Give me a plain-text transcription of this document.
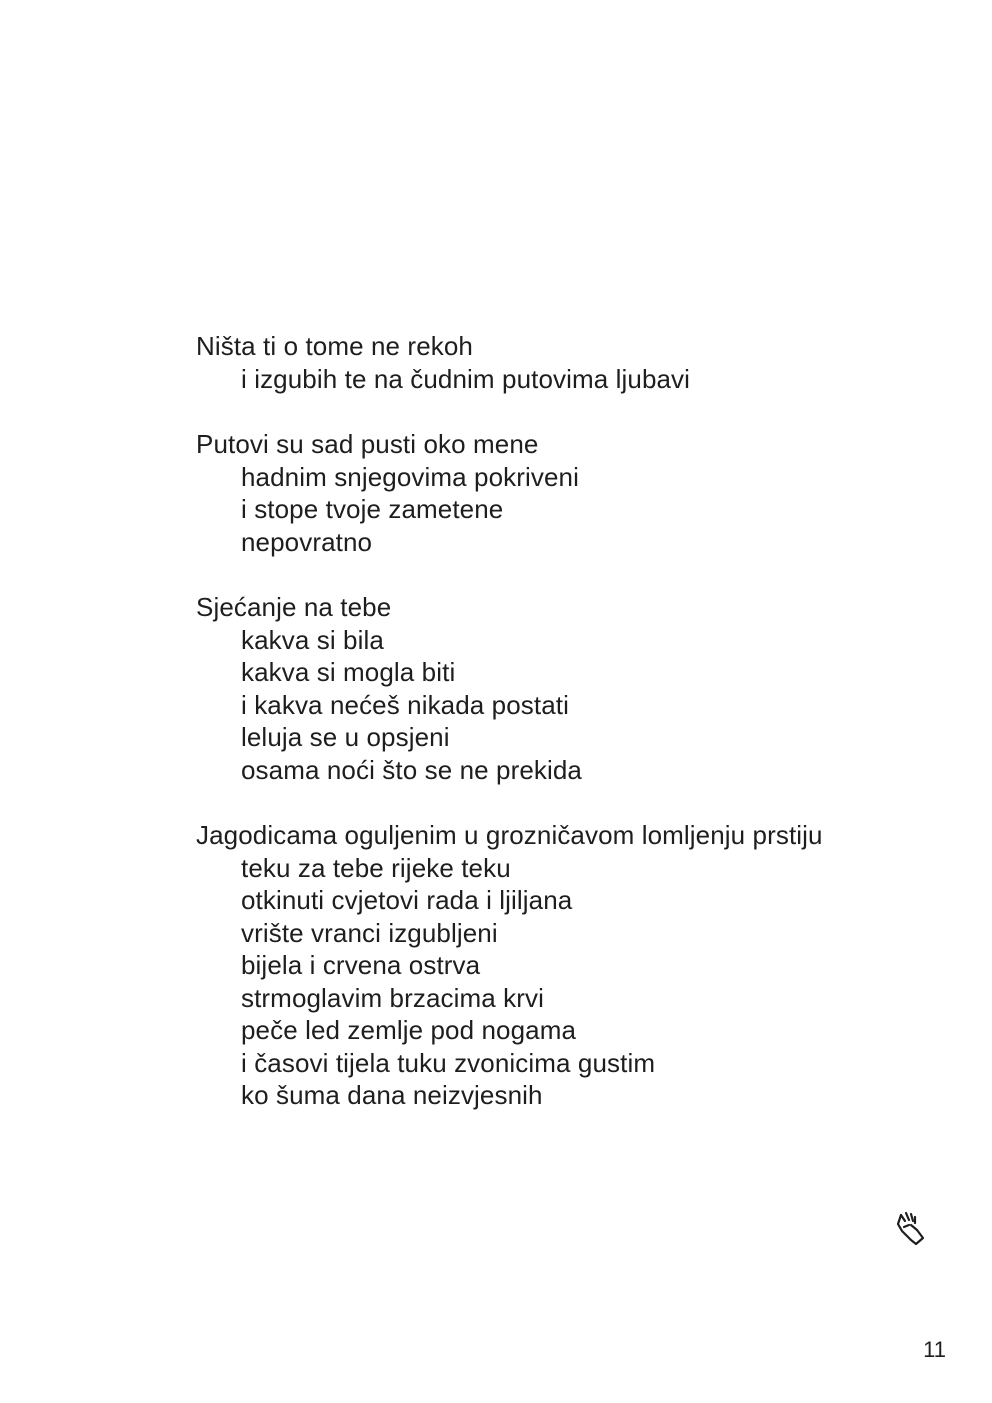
Ništa ti o tome ne rekoh
i izgubih te na čudnim putovima ljubavi
Putovi su sad pusti oko mene
hadnim snjegovima pokriveni
i stope tvoje zametene
nepovratno
Sjećanje na tebe
kakva si bila
kakva si mogla biti
i kakva nećeš nikada postati
leluja se u opsjeni
osama noći što se ne prekida
Jagodicama oguljenim u grozničavom lomljenju prstiju
teku za tebe rijeke teku
otkinuti cvjetovi rada i ljiljana
vrište vranci izgubljeni
bijela i crvena ostrva
strmoglavim brzacima krvi
peče led zemlje pod nogama
i časovi tijela tuku zvonicima gustim
ko šuma dana neizvjesnih
11
